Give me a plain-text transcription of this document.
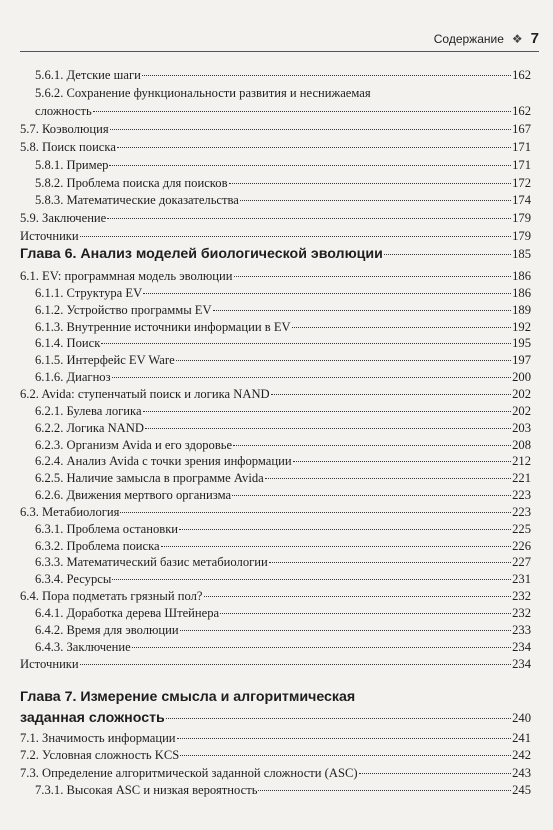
Содержание ❖ 7
5.6.1. Детские шаги	162
5.6.2. Сохранение функциональности развития и неснижаемая
сложность	162
5.7. Коэволюция	167
5.8. Поиск поиска	171
5.8.1. Пример	171
5.8.2. Проблема поиска для поисков	172
5.8.3. Математические доказательства	174
5.9. Заключение	179
Источники	179
Глава 6. Анализ моделей биологической эволюции	185
6.1. EV: программная модель эволюции	186
6.1.1. Структура EV	186
6.1.2. Устройство программы EV	189
6.1.3. Внутренние источники информации в EV	192
6.1.4. Поиск	195
6.1.5. Интерфейс EV Ware	197
6.1.6. Диагноз	200
6.2. Avida: ступенчатый поиск и логика NAND	202
6.2.1. Булева логика	202
6.2.2. Логика NAND	203
6.2.3. Организм Avida и его здоровье	208
6.2.4. Анализ Avida с точки зрения информации	212
6.2.5. Наличие замысла в программе Avida	221
6.2.6. Движения мертвого организма	223
6.3. Метабиология	223
6.3.1. Проблема остановки	225
6.3.2. Проблема поиска	226
6.3.3. Математический базис метабиологии	227
6.3.4. Ресурсы	231
6.4. Пора подметать грязный пол?	232
6.4.1. Доработка дерева Штейнера	232
6.4.2. Время для эволюции	233
6.4.3. Заключение	234
Источники	234
Глава 7. Измерение смысла и алгоритмическая
заданная сложность	240
7.1. Значимость информации	241
7.2. Условная сложность KCS	242
7.3. Определение алгоритмической заданной сложности (ASC)	243
7.3.1. Высокая ASC и низкая вероятность	245
